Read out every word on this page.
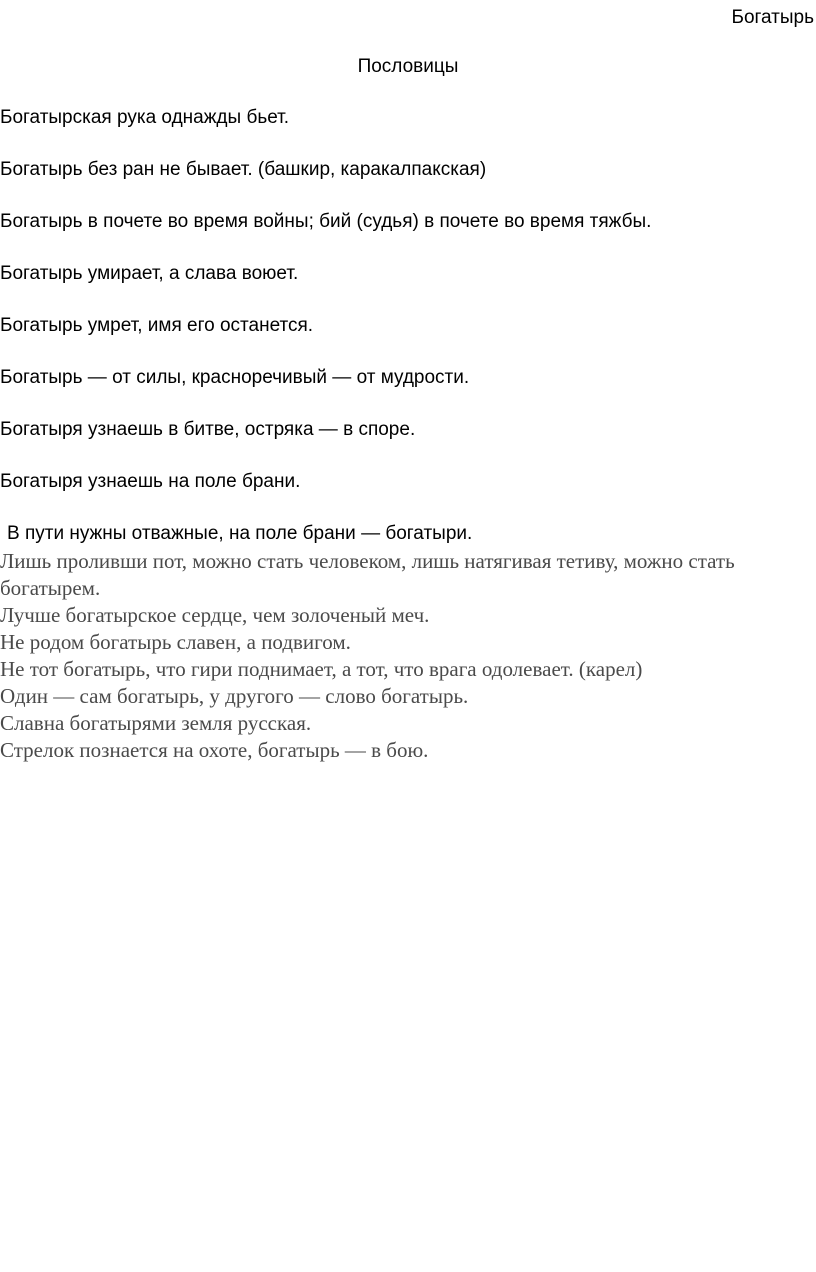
Богатырь
Пословицы
Богатырская рука однажды бьет.
Богатырь без ран не бывает. (башкир, каракалпакская)
Богатырь в почете во время войны; бий (судья) в почете во время тяжбы.
Богатырь умирает, а слава воюет.
Богатырь умрет, имя его останется.
Богатырь — от силы, красноречивый — от мудрости.
Богатыря узнаешь в битве, остряка — в споре.
Богатыря узнаешь на поле брани.
В пути нужны отважные, на поле брани — богатыри.
Лишь проливши пот, можно стать человеком, лишь натягивая тетиву, можно стать богатырем.
Лучше богатырское сердце, чем золоченый меч.
Не родом богатырь славен, а подвигом.
Не тот богатырь, что гири поднимает, а тот, что врага одолевает. (карел)
Один — сам богатырь, у другого — слово богатырь.
Славна богатырями земля русская.
Стрелок познается на охоте, богатырь — в бою.
